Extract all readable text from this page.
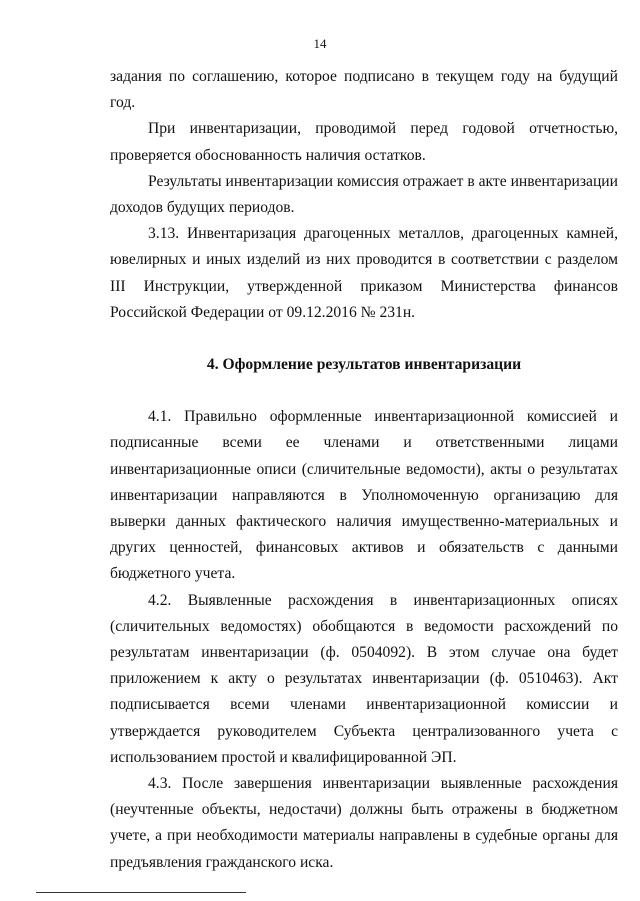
14

задания по соглашению, которое подписано в текущем году на будущий год.

При инвентаризации, проводимой перед годовой отчетностью, проверяется обоснованность наличия остатков.

Результаты инвентаризации комиссия отражает в акте инвентаризации доходов будущих периодов.

3.13. Инвентаризация драгоценных металлов, драгоценных камней, ювелирных и иных изделий из них проводится в соответствии с разделом III Инструкции, утвержденной приказом Министерства финансов Российской Федерации от 09.12.2016 № 231н.

4. Оформление результатов инвентаризации

4.1. Правильно оформленные инвентаризационной комиссией и подписанные всеми ее членами и ответственными лицами инвентаризационные описи (сличительные ведомости), акты о результатах инвентаризации направляются в Уполномоченную организацию для выверки данных фактического наличия имущественно-материальных и других ценностей, финансовых активов и обязательств с данными бюджетного учета.

4.2. Выявленные расхождения в инвентаризационных описях (сличительных ведомостях) обобщаются в ведомости расхождений по результатам инвентаризации (ф. 0504092). В этом случае она будет приложением к акту о результатах инвентаризации (ф. 0510463). Акт подписывается всеми членами инвентаризационной комиссии и утверждается руководителем Субъекта централизованного учета с использованием простой и квалифицированной ЭП.

4.3. После завершения инвентаризации выявленные расхождения (неучтенные объекты, недостачи) должны быть отражены в бюджетном учете, а при необходимости материалы направлены в судебные органы для предъявления гражданского иска.
